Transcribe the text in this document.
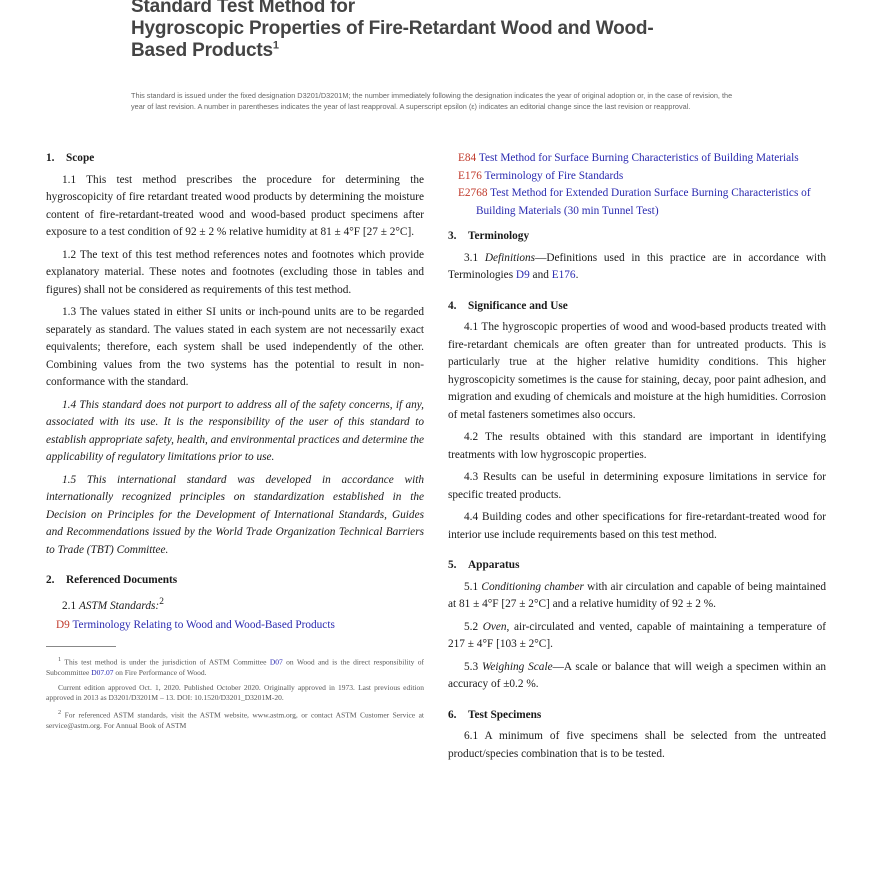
Standard Test Method for
Hygroscopic Properties of Fire-Retardant Wood and Wood-
Based Products$^1$
This standard is issued under the fixed designation D3201/D3201M; the number immediately following the designation indicates the year of original adoption or, in the case of revision, the year of last revision. A number in parentheses indicates the year of last reapproval. A superscript epsilon (ε) indicates an editorial change since the last revision or reapproval.
1. Scope

1.1 This test method prescribes the procedure for determining the hygroscopicity of fire retardant treated wood products by determining the moisture content of fire-retardant-treated wood and wood-based product specimens after exposure to a test condition of 92 ± 2 % relative humidity at 81 ± 4°F [27 ± 2°C].

1.2 The text of this test method references notes and footnotes which provide explanatory material. These notes and footnotes (excluding those in tables and figures) shall not be considered as requirements of this test method.

1.3 The values stated in either SI units or inch-pound units are to be regarded separately as standard. The values stated in each system are not necessarily exact equivalents; therefore, each system shall be used independently of the other. Combining values from the two systems has the potential to result in non-conformance with the standard.

1.4 This standard does not purport to address all of the safety concerns, if any, associated with its use. It is the responsibility of the user of this standard to establish appropriate safety, health, and environmental practices and determine the applicability of regulatory limitations prior to use.

1.5 This international standard was developed in accordance with internationally recognized principles on standardization established in the Decision on Principles for the Development of International Standards, Guides and Recommendations issued by the World Trade Organization Technical Barriers to Trade (TBT) Committee.

2. Referenced Documents

2.1 ASTM Standards:$^2$

D9 Terminology Relating to Wood and Wood-Based Products

$^1$ This test method is under the jurisdiction of ASTM Committee D07 on Wood and is the direct responsibility of Subcommittee D07.07 on Fire Performance of Wood.

Current edition approved Oct. 1, 2020. Published October 2020. Originally approved in 1973. Last previous edition approved in 2013 as D3201/D3201M – 13. DOI: 10.1520/D3201_D3201M-20.

$^2$ For referenced ASTM standards, visit the ASTM website, www.astm.org, or contact ASTM Customer Service at service@astm.org. For Annual Book of ASTM

E84 Test Method for Surface Burning Characteristics of Building Materials

E176 Terminology of Fire Standards

E2768 Test Method for Extended Duration Surface Burning Characteristics of Building Materials (30 min Tunnel Test)

3. Terminology

3.1 Definitions—Definitions used in this practice are in accordance with Terminologies D9 and E176.

4. Significance and Use

4.1 The hygroscopic properties of wood and wood-based products treated with fire-retardant chemicals are often greater than for untreated products. This is particularly true at the higher relative humidity conditions. This higher hygroscopicity sometimes is the cause for staining, decay, poor paint adhesion, and migration and exuding of chemicals and moisture at the high humidities. Corrosion of metal fasteners sometimes also occurs.

4.2 The results obtained with this standard are important in identifying treatments with low hygroscopic properties.

4.3 Results can be useful in determining exposure limitations in service for specific treated products.

4.4 Building codes and other specifications for fire-retardant-treated wood for interior use include requirements based on this test method.

5. Apparatus

5.1 Conditioning chamber with air circulation and capable of being maintained at 81 ± 4°F [27 ± 2°C] and a relative humidity of 92 ± 2 %.

5.2 Oven, air-circulated and vented, capable of maintaining a temperature of 217 ± 4°F [103 ± 2°C].

5.3 Weighing Scale—A scale or balance that will weigh a specimen within an accuracy of ±0.2 %.

6. Test Specimens

6.1 A minimum of five specimens shall be selected from the untreated product/species combination that is to be tested.
